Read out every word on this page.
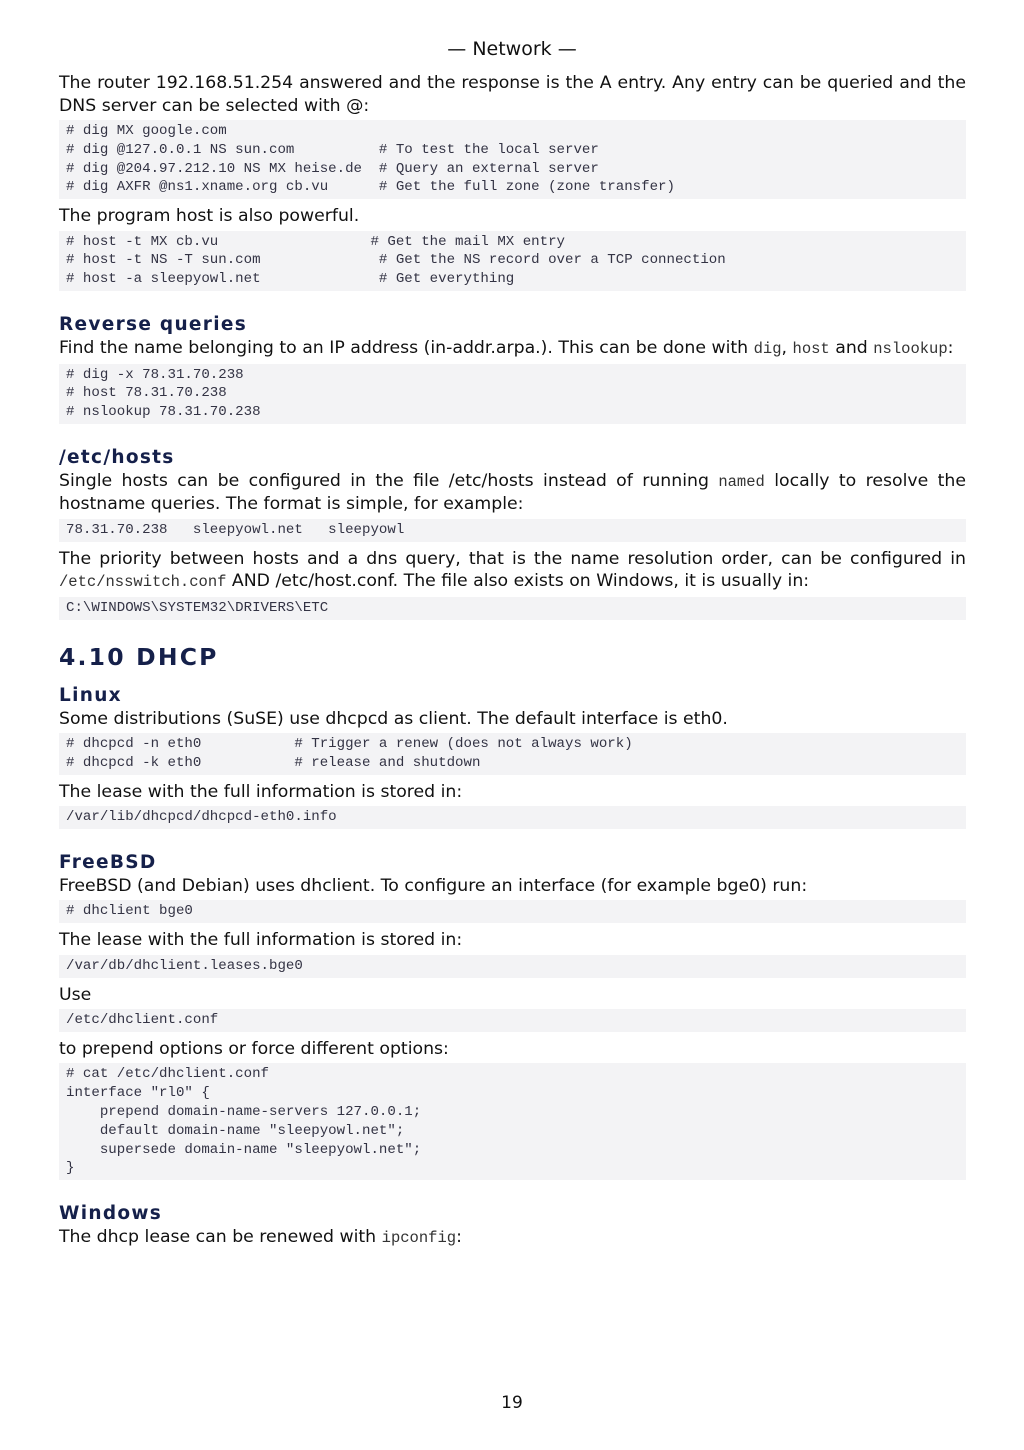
— Network —

The router 192.168.51.254 answered and the response is the A entry. Any entry can be queried and the DNS server can be selected with @:

# dig MX google.com
# dig @127.0.0.1 NS sun.com          # To test the local server
# dig @204.97.212.10 NS MX heise.de  # Query an external server
# dig AXFR @ns1.xname.org cb.vu      # Get the full zone (zone transfer)

The program host is also powerful.

# host -t MX cb.vu                  # Get the mail MX entry
# host -t NS -T sun.com              # Get the NS record over a TCP connection
# host -a sleepyowl.net              # Get everything
Reverse queries

Find the name belonging to an IP address (in-addr.arpa.). This can be done with dig, host and nslookup:

# dig -x 78.31.70.238
# host 78.31.70.238
# nslookup 78.31.70.238
/etc/hosts

Single hosts can be configured in the file /etc/hosts instead of running named locally to resolve the hostname queries. The format is simple, for example:

78.31.70.238   sleepyowl.net   sleepyowl

The priority between hosts and a dns query, that is the name resolution order, can be configured in /etc/nsswitch.conf AND /etc/host.conf. The file also exists on Windows, it is usually in:

C:\WINDOWS\SYSTEM32\DRIVERS\ETC
4.10 DHCP
Linux

Some distributions (SuSE) use dhcpcd as client. The default interface is eth0.

# dhcpcd -n eth0           # Trigger a renew (does not always work)
# dhcpcd -k eth0           # release and shutdown

The lease with the full information is stored in:

/var/lib/dhcpcd/dhcpcd-eth0.info
FreeBSD

FreeBSD (and Debian) uses dhclient. To configure an interface (for example bge0) run:

# dhclient bge0

The lease with the full information is stored in:

/var/db/dhclient.leases.bge0

Use

/etc/dhclient.conf

to prepend options or force different options:

# cat /etc/dhclient.conf
interface "rl0" {
prepend domain-name-servers 127.0.0.1;
default domain-name "sleepyowl.net";
supersede domain-name "sleepyowl.net";
}
Windows

The dhcp lease can be renewed with ipconfig:

19
